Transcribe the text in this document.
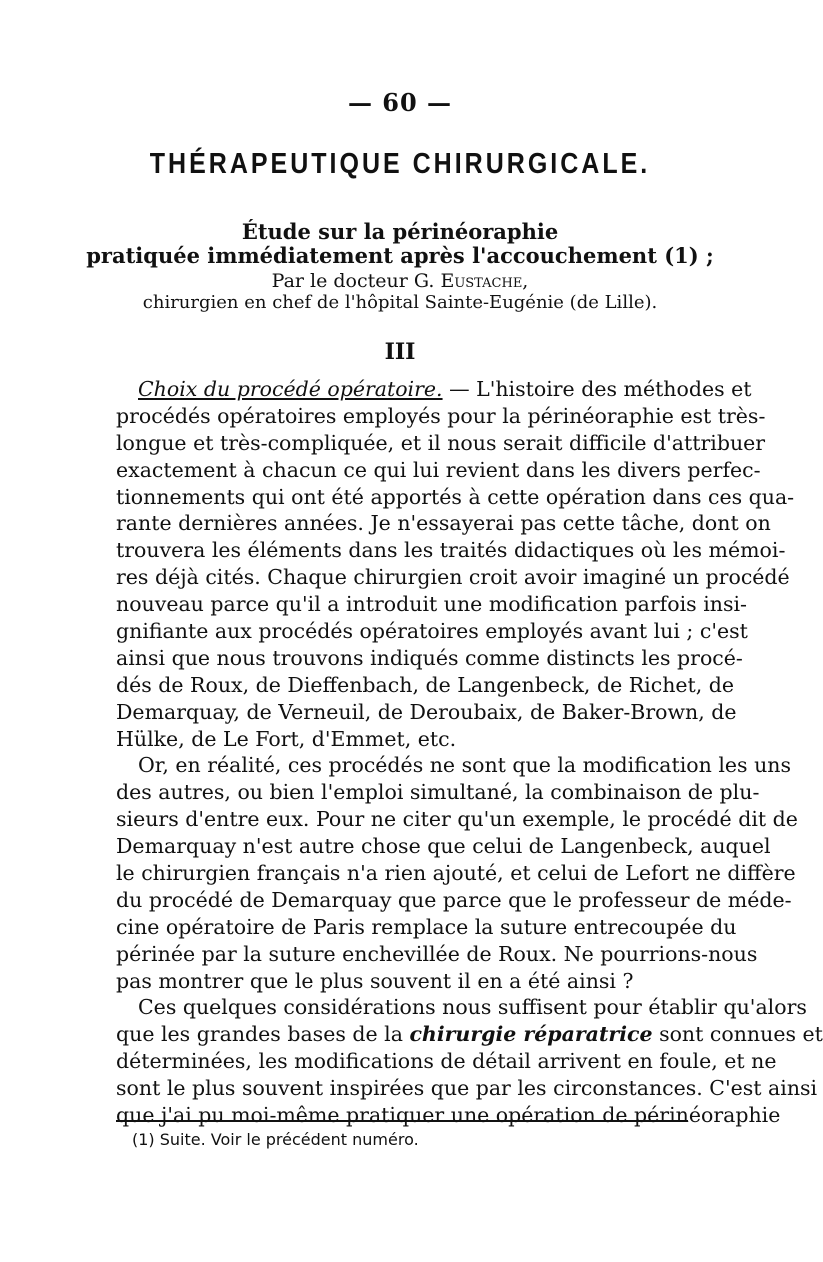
— 60 —
THÉRAPEUTIQUE CHIRURGICALE.
Étude sur la périnéoraphie
pratiquée immédiatement après l'accouchement (1) ;
Par le docteur G. Eustache,
chirurgien en chef de l'hôpital Sainte-Eugénie (de Lille).
III
Choix du procédé opératoire. — L'histoire des méthodes et
procédés opératoires employés pour la périnéoraphie est très-
longue et très-compliquée, et il nous serait difficile d'attribuer
exactement à chacun ce qui lui revient dans les divers perfec-
tionnements qui ont été apportés à cette opération dans ces qua-
rante dernières années. Je n'essayerai pas cette tâche, dont on
trouvera les éléments dans les traités didactiques où les mémoi-
res déjà cités. Chaque chirurgien croit avoir imaginé un procédé
nouveau parce qu'il a introduit une modification parfois insi-
gnifiante aux procédés opératoires employés avant lui ; c'est
ainsi que nous trouvons indiqués comme distincts les procé-
dés de Roux, de Dieffenbach, de Langenbeck, de Richet, de
Demarquay, de Verneuil, de Deroubaix, de Baker-Brown, de
Hülke, de Le Fort, d'Emmet, etc.
Or, en réalité, ces procédés ne sont que la modification les uns
des autres, ou bien l'emploi simultané, la combinaison de plu-
sieurs d'entre eux. Pour ne citer qu'un exemple, le procédé dit de
Demarquay n'est autre chose que celui de Langenbeck, auquel
le chirurgien français n'a rien ajouté, et celui de Lefort ne diffère
du procédé de Demarquay que parce que le professeur de méde-
cine opératoire de Paris remplace la suture entrecoupée du
périnée par la suture enchevillée de Roux. Ne pourrions-nous
pas montrer que le plus souvent il en a été ainsi ?
Ces quelques considérations nous suffisent pour établir qu'alors
que les grandes bases de la chirurgie réparatrice sont connues et
déterminées, les modifications de détail arrivent en foule, et ne
sont le plus souvent inspirées que par les circonstances. C'est ainsi
que j'ai pu moi-même pratiquer une opération de périnéoraphie
(1) Suite. Voir le précédent numéro.
